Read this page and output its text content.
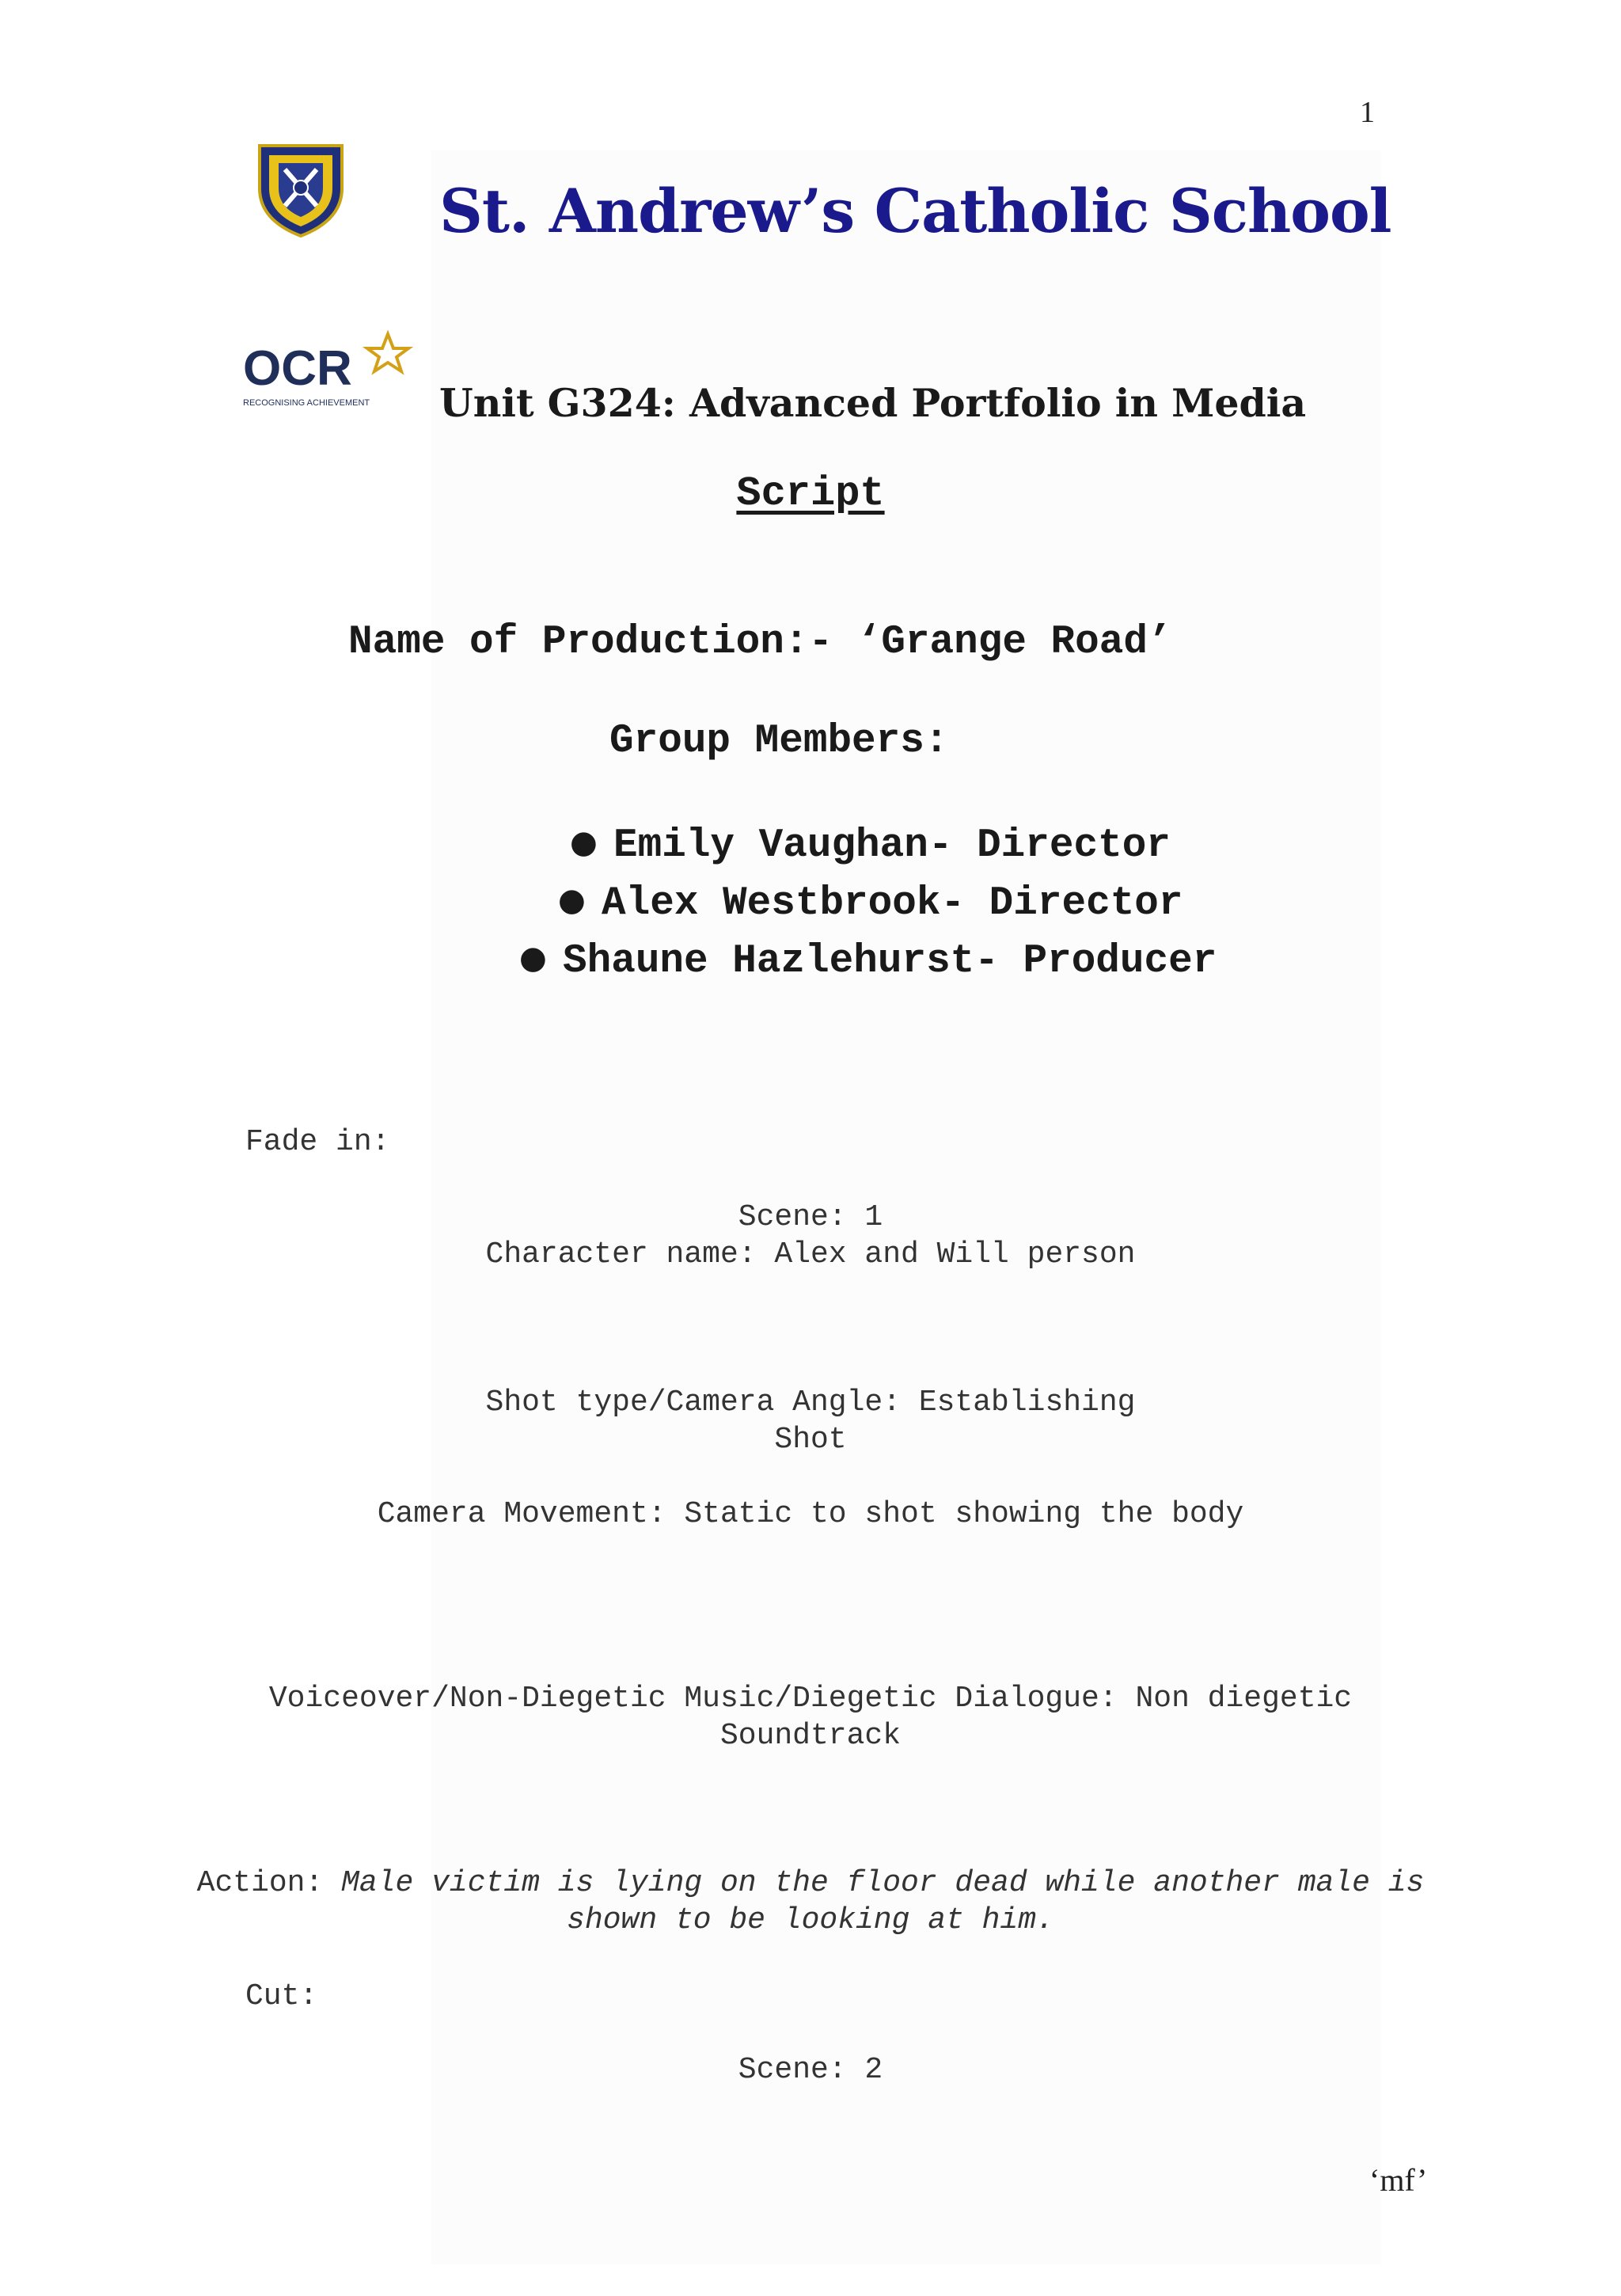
1
St. Andrew’s Catholic School
OCR
RECOGNISING ACHIEVEMENT Unit G324: Advanced Portfolio in Media
Script
Name of Production:- ‘Grange Road’
Group Members:
● Emily Vaughan- Director
● Alex Westbrook- Director
● Shaune Hazlehurst- Producer
Fade in:
Scene: 1
Character name: Alex and Will person
Shot type/Camera Angle: Establishing
Shot
Camera Movement: Static to shot showing the body
Voiceover/Non-Diegetic Music/Diegetic Dialogue: Non diegetic
Soundtrack
Action: Male victim is lying on the floor dead while another male is
shown to be looking at him.
Cut:
Scene: 2
‘mf’
